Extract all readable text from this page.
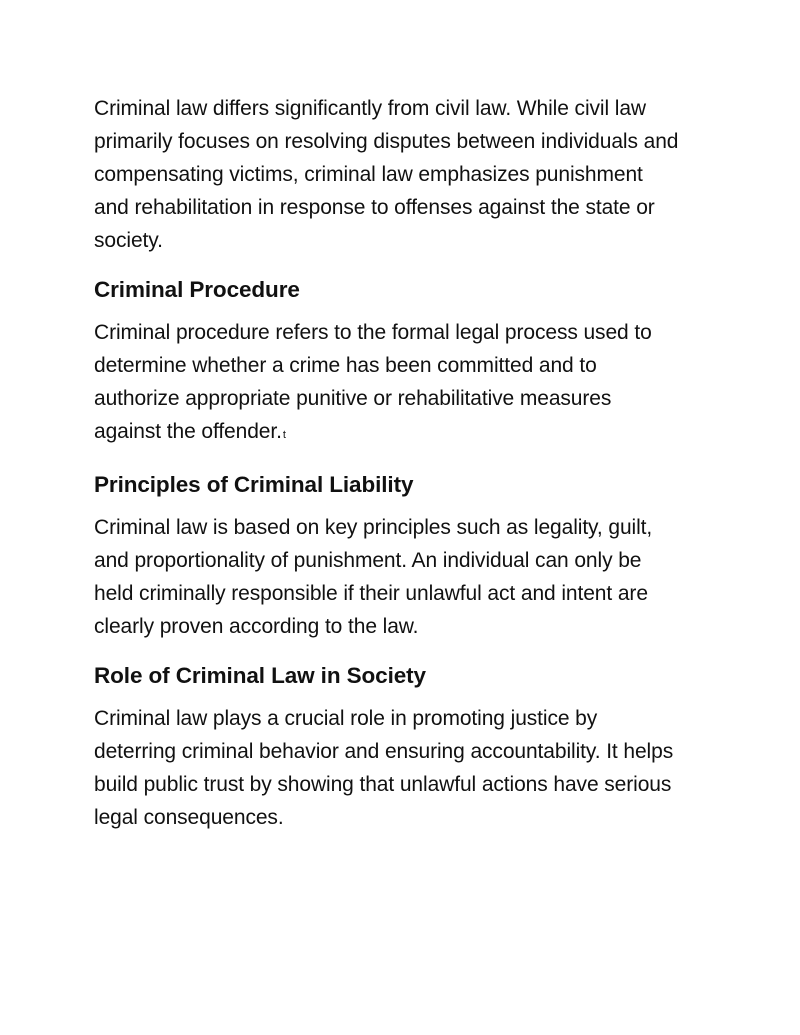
Criminal law differs significantly from civil law. While civil law
primarily focuses on resolving disputes between individuals and
compensating victims, criminal law emphasizes punishment
and rehabilitation in response to offenses against the state or
society.

Criminal Procedure

Criminal procedure refers to the formal legal process used to
determine whether a crime has been committed and to
authorize appropriate punitive or rehabilitative measures
against the offender.t

Principles of Criminal Liability

Criminal law is based on key principles such as legality, guilt,
and proportionality of punishment. An individual can only be
held criminally responsible if their unlawful act and intent are
clearly proven according to the law.

Role of Criminal Law in Society

Criminal law plays a crucial role in promoting justice by
deterring criminal behavior and ensuring accountability. It helps
build public trust by showing that unlawful actions have serious
legal consequences.
